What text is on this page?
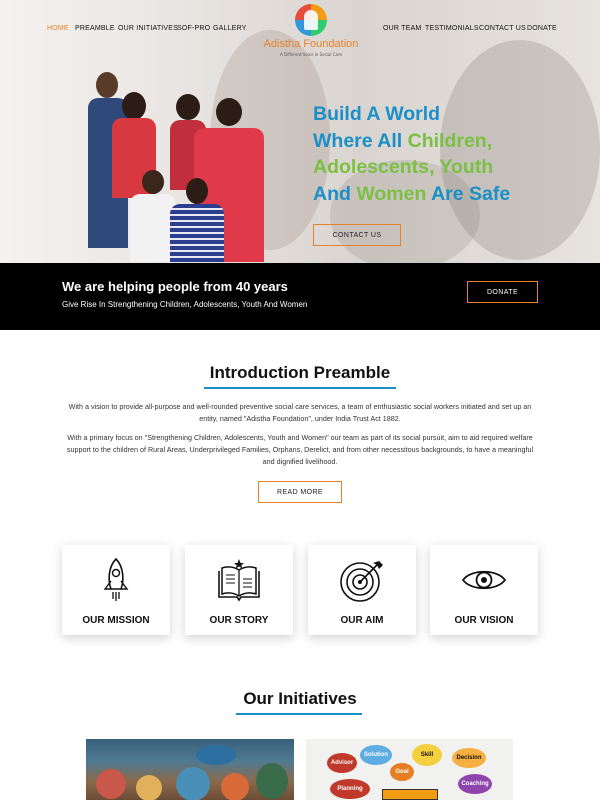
HOME PREAMBLE OUR INITIATIVES
SOF-PRO GALLERY	OUR TEAM TESTIMONIALS CONTACT US DONATE
Adistha Foundation
A Different Voice in Social Care
Build A World
Where All Children,
Adolescents, Youth
And Women Are Safe
CONTACT US
We are helping people from 40 years
Give Rise In Strengthening Children, Adolescents, Youth And Women
DONATE
Introduction Preamble
With a vision to provide all-purpose and well-rounded preventive social care services, a team of enthusiastic social workers initiated and set up an entity, named "Adistha Foundation", under India Trust Act 1882.
With a primary focus on "Strengthening Children, Adolescents, Youth and Women" our team as part of its social pursuit, aim to aid required welfare support to the children of Rural Areas, Underprivileged Families, Orphans, Derelict, and from other necessitous backgrounds, to have a meaningful and dignified livelihood.
READ MORE
OUR MISSION	OUR STORY	OUR AIM	OUR VISION
Our Initiatives
Advisor
Solution	Skill
Goal
Decision
Planning
Coaching
